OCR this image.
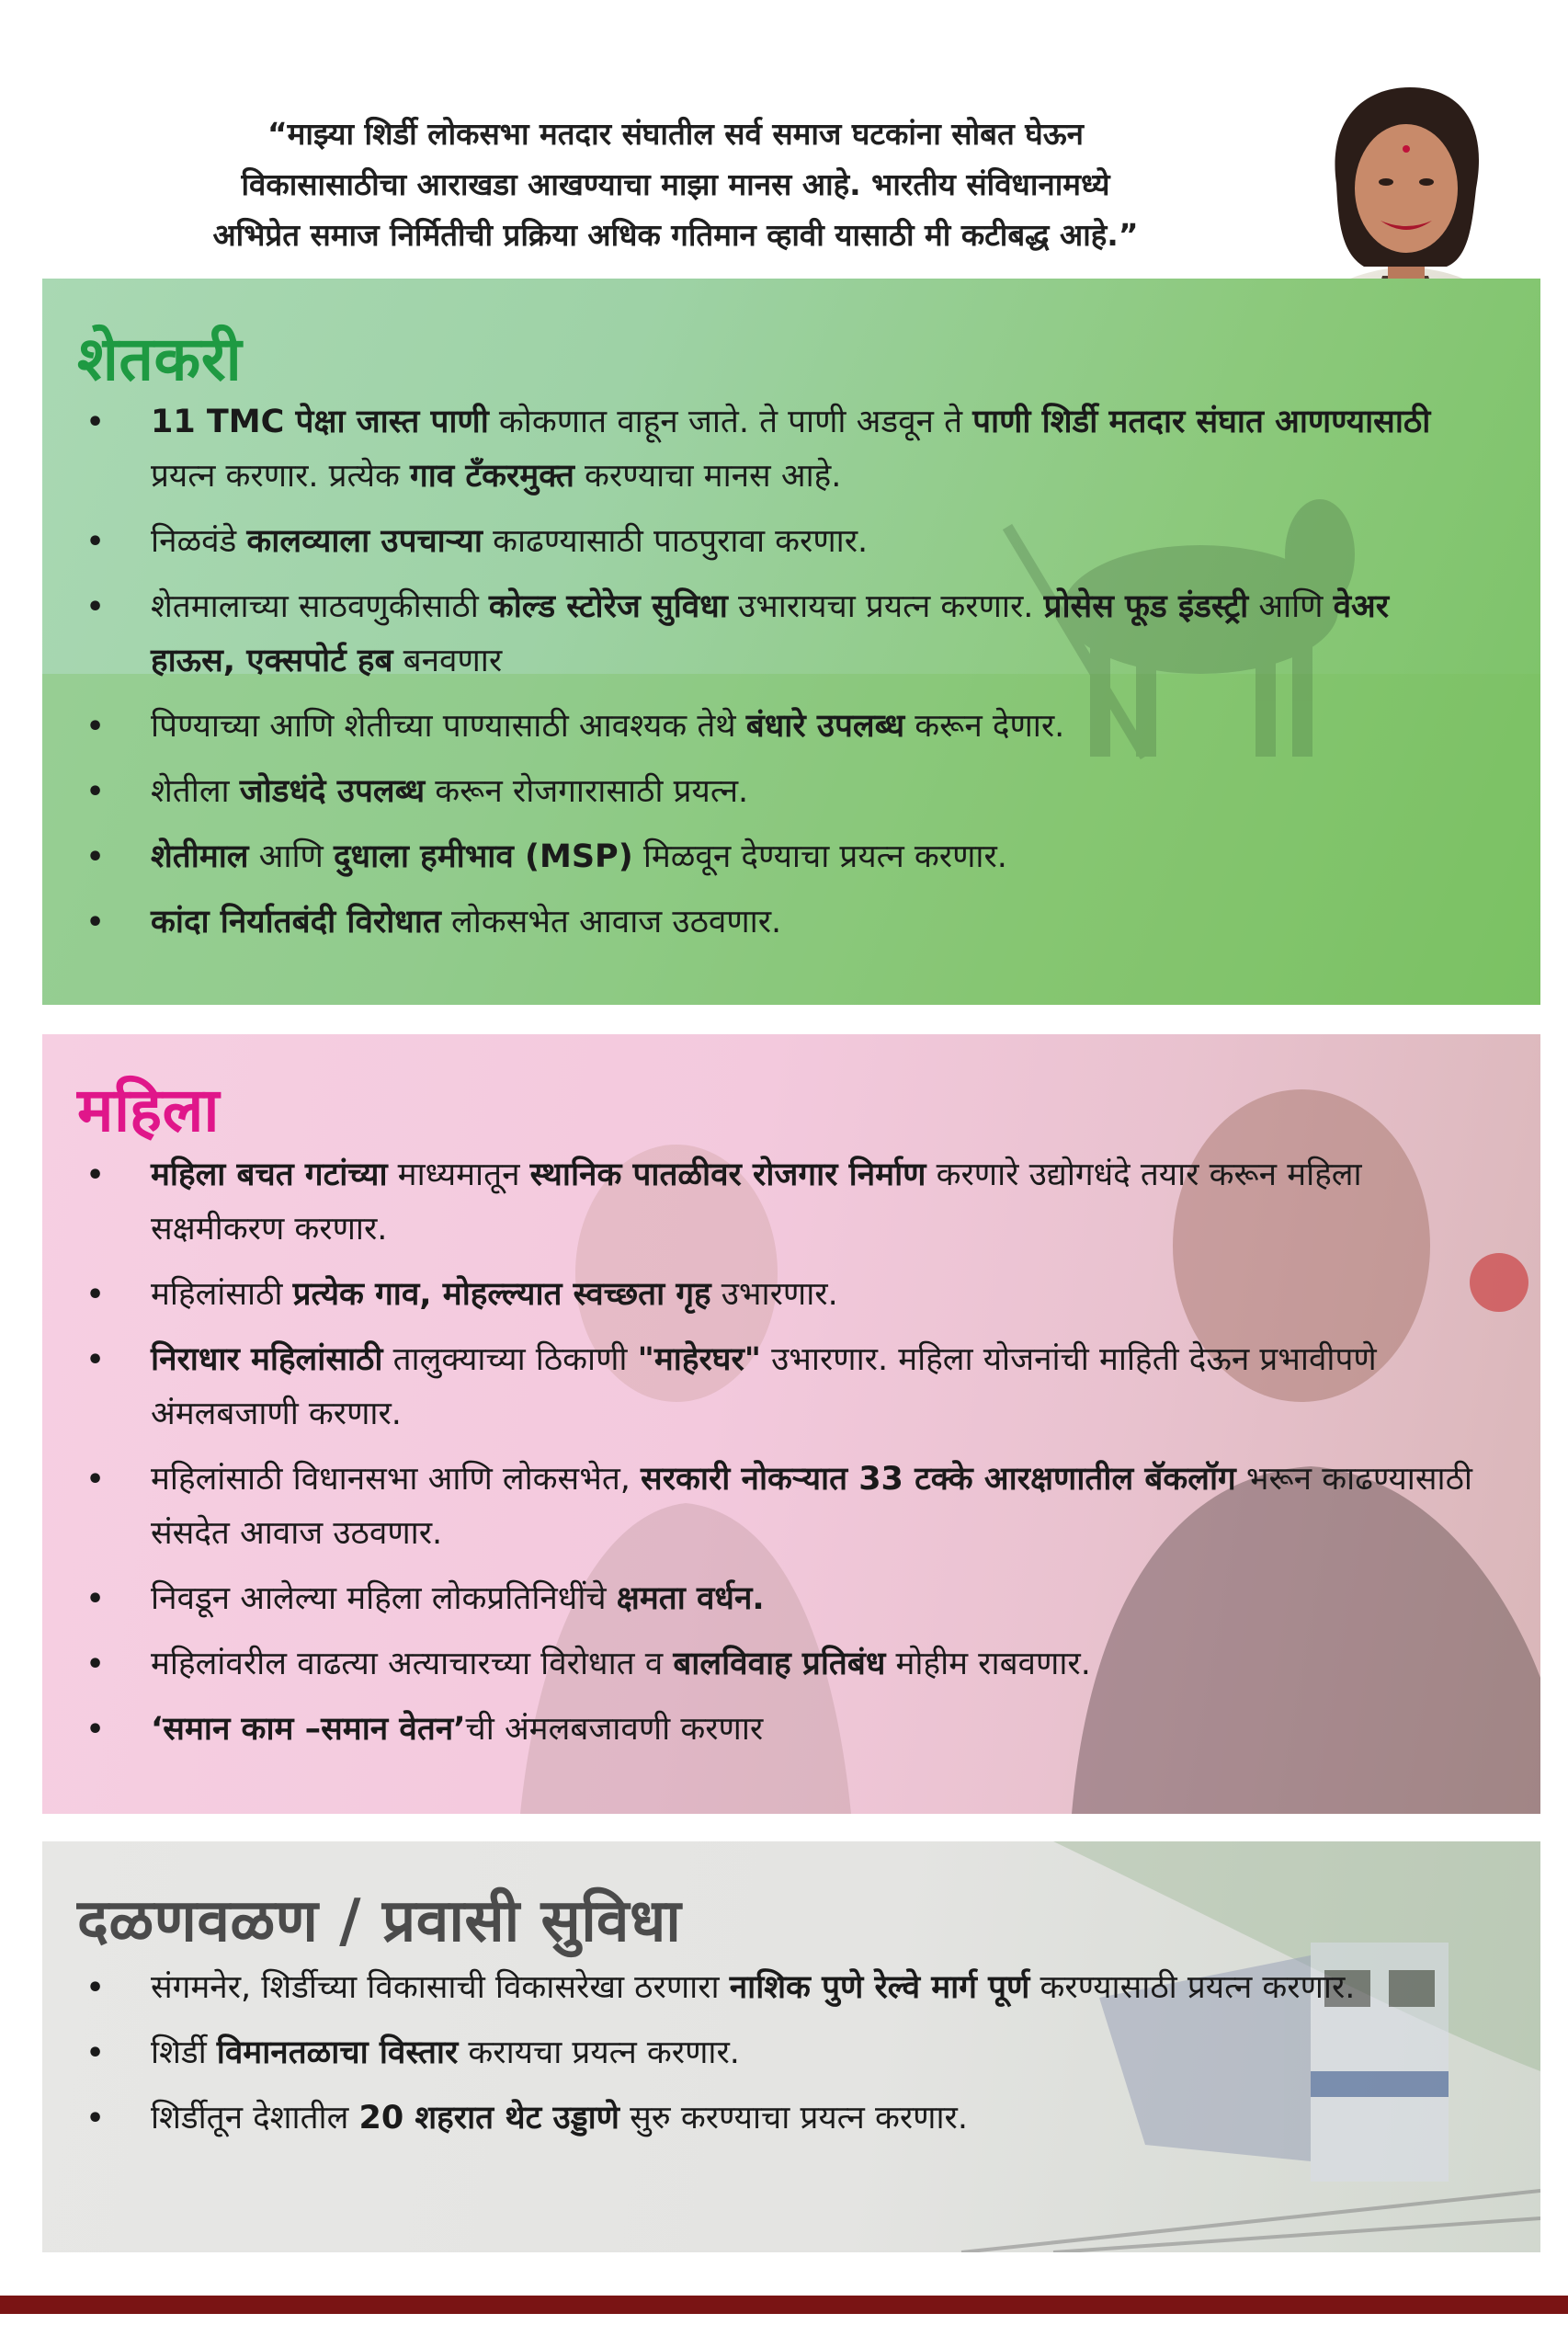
“माझ्या शिर्डी लोकसभा मतदार संघातील सर्व समाज घटकांना सोबत घेऊन
विकासासाठीचा आराखडा आखण्याचा माझा मानस आहे. भारतीय संविधानामध्ये
अभिप्रेत समाज निर्मितीची प्रक्रिया अधिक गतिमान व्हावी यासाठी मी कटीबद्ध आहे.”
शेतकरी
• 11 TMC पेक्षा जास्त पाणी कोकणात वाहून जाते. ते पाणी अडवून ते पाणी शिर्डी मतदार संघात आणण्यासाठी प्रयत्न करणार. प्रत्येक गाव टँकरमुक्त करण्याचा मानस आहे.
• निळवंडे कालव्याला उपचाऱ्या काढण्यासाठी पाठपुरावा करणार.
• शेतमालाच्या साठवणुकीसाठी कोल्ड स्टोरेज सुविधा उभारायचा प्रयत्न करणार. प्रोसेस फूड इंडस्ट्री आणि वेअर हाऊस, एक्सपोर्ट हब बनवणार
• पिण्याच्या आणि शेतीच्या पाण्यासाठी आवश्यक तेथे बंधारे उपलब्ध करून देणार.
• शेतीला जोडधंदे उपलब्ध करून रोजगारासाठी प्रयत्न.
• शेतीमाल आणि दुधाला हमीभाव (MSP) मिळवून देण्याचा प्रयत्न करणार.
• कांदा निर्यातबंदी विरोधात लोकसभेत आवाज उठवणार.
महिला
• महिला बचत गटांच्या माध्यमातून स्थानिक पातळीवर रोजगार निर्माण करणारे उद्योगधंदे तयार करून महिला सक्षमीकरण करणार.
• महिलांसाठी प्रत्येक गाव, मोहल्ल्यात स्वच्छता गृह उभारणार.
• निराधार महिलांसाठी तालुक्याच्या ठिकाणी "माहेरघर" उभारणार. महिला योजनांची माहिती देऊन प्रभावीपणे अंमलबजाणी करणार.
• महिलांसाठी विधानसभा आणि लोकसभेत, सरकारी नोकऱ्यात 33 टक्के आरक्षणातील बॅकलॉग भरून काढण्यासाठी संसदेत आवाज उठवणार.
• निवडून आलेल्या महिला लोकप्रतिनिधींचे क्षमता वर्धन.
• महिलांवरील वाढत्या अत्याचारच्या विरोधात व बालविवाह प्रतिबंध मोहीम राबवणार.
• ‘समान काम –समान वेतन’ची अंमलबजावणी करणार
दळणवळण / प्रवासी सुविधा
• संगमनेर, शिर्डीच्या विकासाची विकासरेखा ठरणारा नाशिक पुणे रेल्वे मार्ग पूर्ण करण्यासाठी प्रयत्न करणार.
• शिर्डी विमानतळाचा विस्तार करायचा प्रयत्न करणार.
• शिर्डीतून देशातील 20 शहरात थेट उड्डाणे सुरु करण्याचा प्रयत्न करणार.
